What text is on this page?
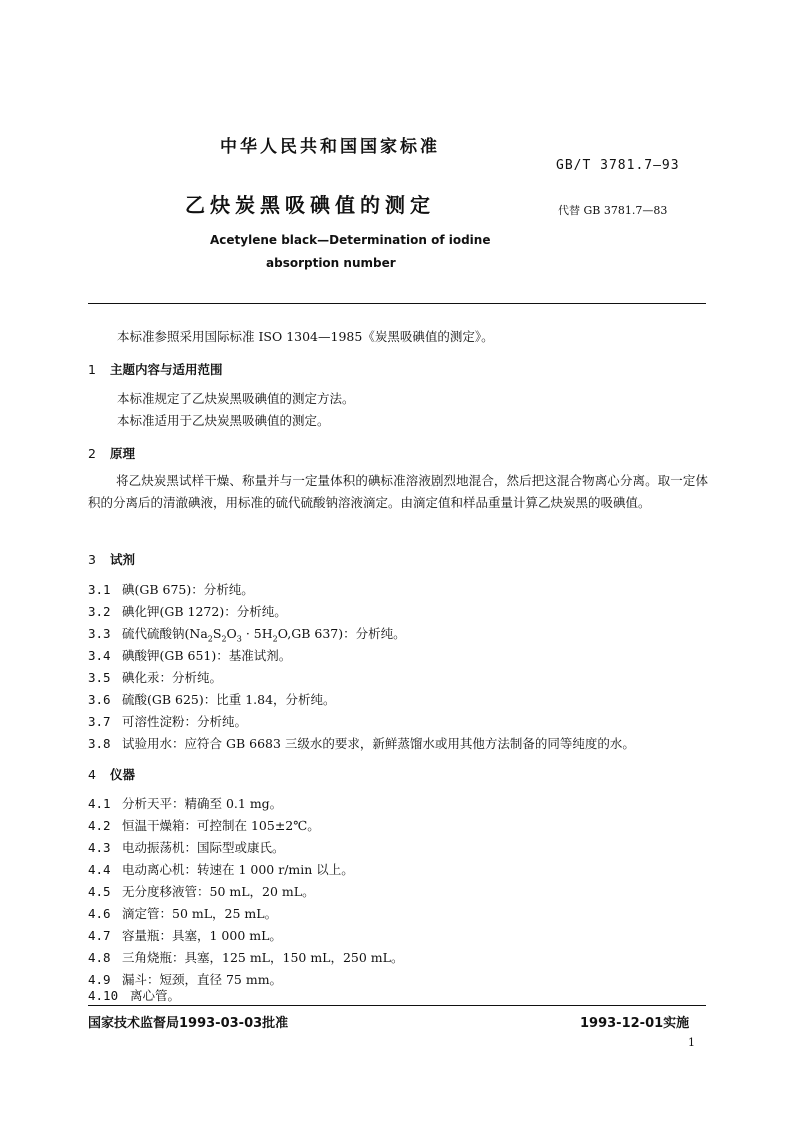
中华人民共和国国家标准
GB/T 3781.7—93
乙炔炭黑吸碘值的测定	代替 GB 3781.7—83
Acetylene black—Determination of iodine
absorption number
本标准参照采用国际标准 ISO 1304—1985《炭黑吸碘值的测定》。
1 主题内容与适用范围
本标准规定了乙炔炭黑吸碘值的测定方法。
本标准适用于乙炔炭黑吸碘值的测定。
2 原理
将乙炔炭黑试样干燥、称量并与一定量体积的碘标准溶液剧烈地混合，然后把这混合物离心分离。取一定体积的分离后的清澈碘液，用标准的硫代硫酸钠溶液滴定。由滴定值和样品重量计算乙炔炭黑的吸碘值。
3 试剂
3.1 碘(GB 675)：分析纯。
3.2 碘化钾(GB 1272)：分析纯。
3.3 硫代硫酸钠($Na_2S_2O_3 \cdot 5H_2O,GB$ 637)：分析纯。
3.4 碘酸钾(GB 651)：基准试剂。
3.5 碘化汞：分析纯。
3.6 硫酸(GB 625)：比重 1.84，分析纯。
3.7 可溶性淀粉：分析纯。
3.8 试验用水：应符合 GB 6683 三级水的要求，新鲜蒸馏水或用其他方法制备的同等纯度的水。
4 仪器
4.1 分析天平：精确至 0.1 mg。
4.2 恒温干燥箱：可控制在 105±2℃。
4.3 电动振荡机：国际型或康氏。
4.4 电动离心机：转速在 1 000 r/min 以上。
4.5 无分度移液管：50 mL，20 mL。
4.6 滴定管：50 mL，25 mL。
4.7 容量瓶：具塞，1 000 mL。
4.8 三角烧瓶：具塞，125 mL，150 mL，250 mL。
4.9 漏斗：短颈，直径 75 mm。
4.10 离心管。
国家技术监督局1993-03-03批准	1993-12-01实施
1
